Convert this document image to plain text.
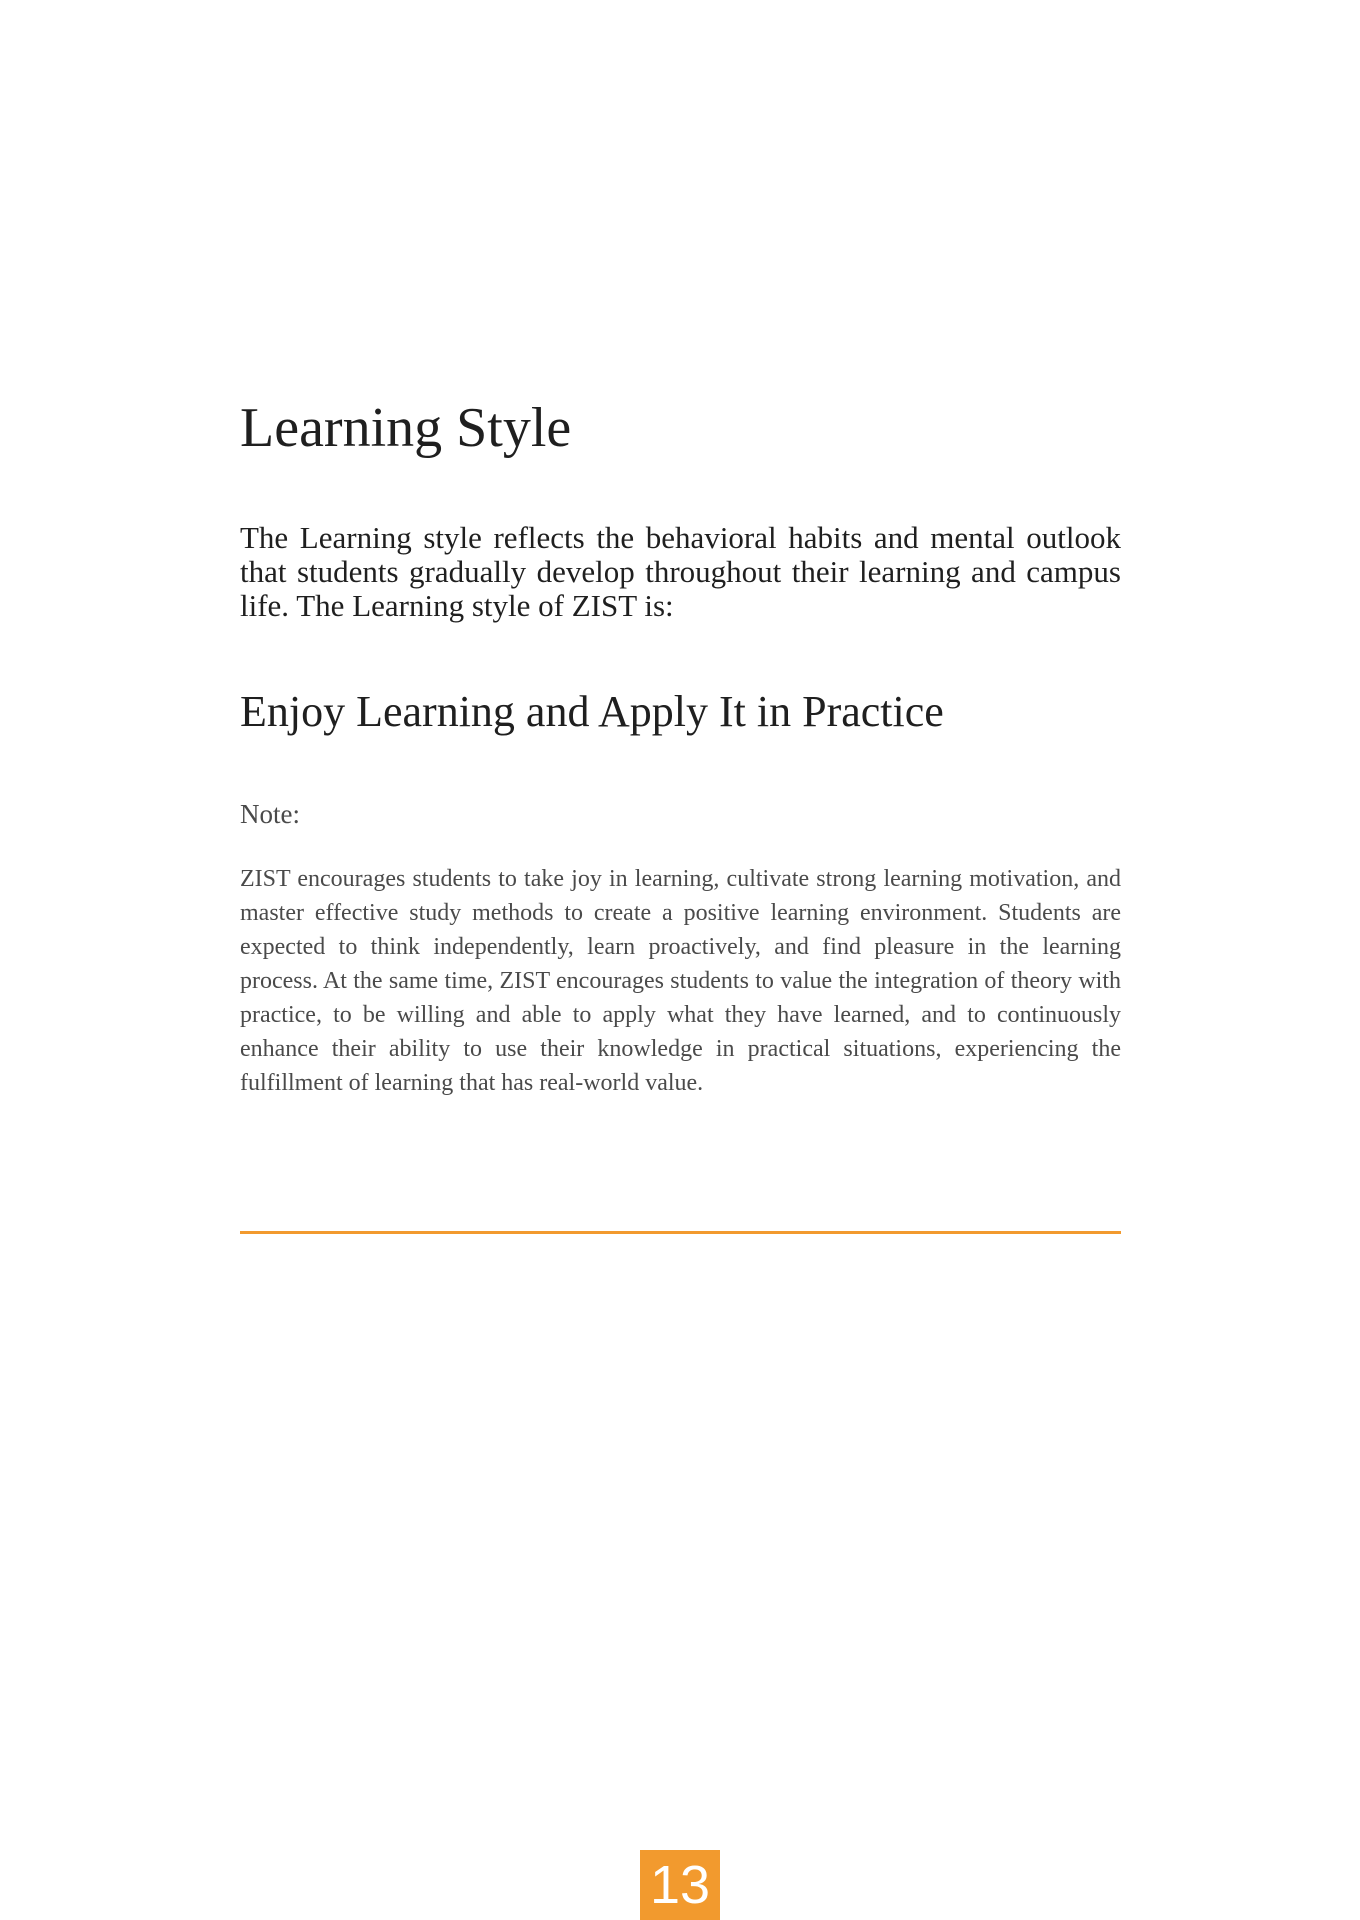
Learning Style

The Learning style reflects the behavioral habits and mental outlook that students gradually develop throughout their learning and campus life. The Learning style of ZIST is:

Enjoy Learning and Apply It in Practice

Note:

ZIST encourages students to take joy in learning, cultivate strong learning motivation, and master effective study methods to create a positive learning environment. Students are expected to think independently, learn proactively, and find pleasure in the learning process. At the same time, ZIST encourages students to value the integration of theory with practice, to be willing and able to apply what they have learned, and to continuously enhance their ability to use their knowledge in practical situations, experiencing the fulfillment of learning that has real-world value.

13
